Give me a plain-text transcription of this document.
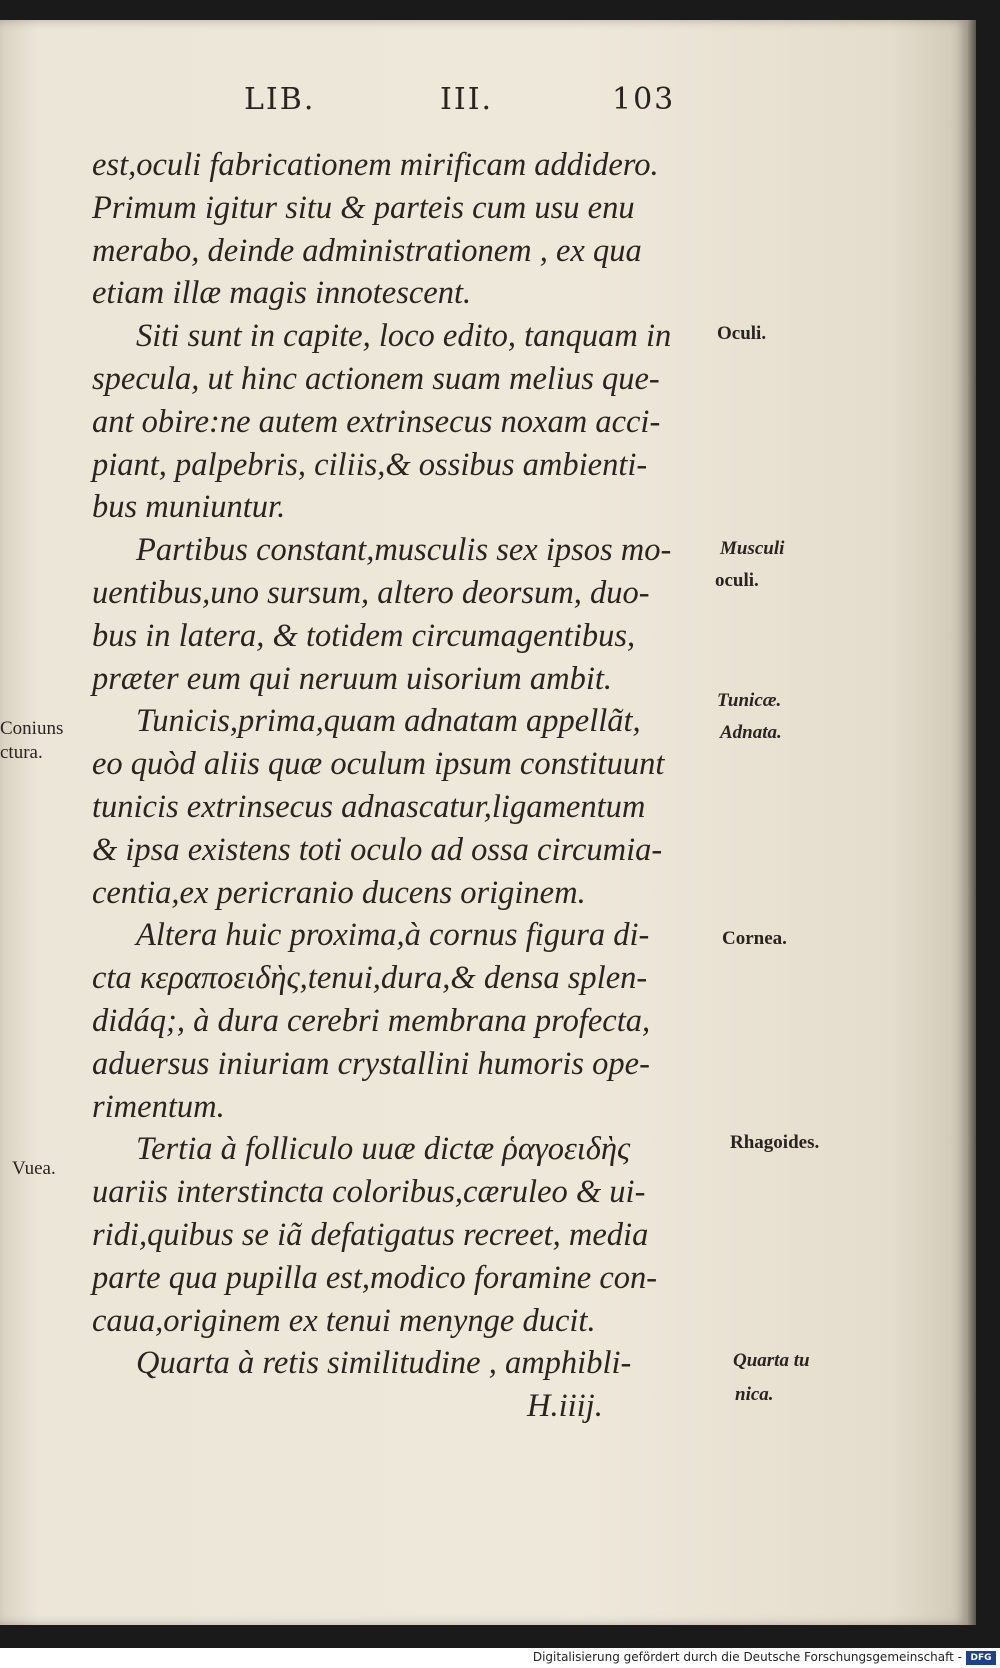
LIB.	III.	103
est,oculi fabricationem mirificam addidero.
Primum igitur situ & parteis cum usu enu
merabo, deinde administrationem , ex qua
etiam illæ magis innotescent.
Siti sunt in capite, loco edito, tanquam in
specula, ut hinc actionem suam melius que-
ant obire:ne autem extrinsecus noxam acci-
piant, palpebris, ciliis,& ossibus ambienti-
bus muniuntur.
Partibus constant,musculis sex ipsos mo-
uentibus,uno sursum, altero deorsum, duo-
bus in latera, & totidem circumagentibus,
præter eum qui neruum uisorium ambit.
Tunicis,prima,quam adnatam appellãt,
eo quòd aliis quæ oculum ipsum constituunt
tunicis extrinsecus adnascatur,ligamentum
& ipsa existens toti oculo ad ossa circumia-
centia,ex pericranio ducens originem.
Altera huic proxima,à cornus figura di-
cta κεραποειδὴς,tenui,dura,& densa splen-
didáq;, à dura cerebri membrana profecta,
aduersus iniuriam crystallini humoris ope-
rimentum.
Tertia à folliculo uuæ dictæ ῥαγοειδὴς
uariis interstincta coloribus,cæruleo & ui-
ridi,quibus se iã defatigatus recreet, media
parte qua pupilla est,modico foramine con-
caua,originem ex tenui menynge ducit.
Quarta à retis similitudine , amphibli-
H.iiij.
Oculi.
Musculi
oculi.
Tunicæ.
Adnata.
Cornea.
Rhagoides.
Quarta tu
nica.
Coniuns
ctura.
Vuea.
Digitalisierung gefördert durch die Deutsche Forschungsgemeinschaft - DFG
